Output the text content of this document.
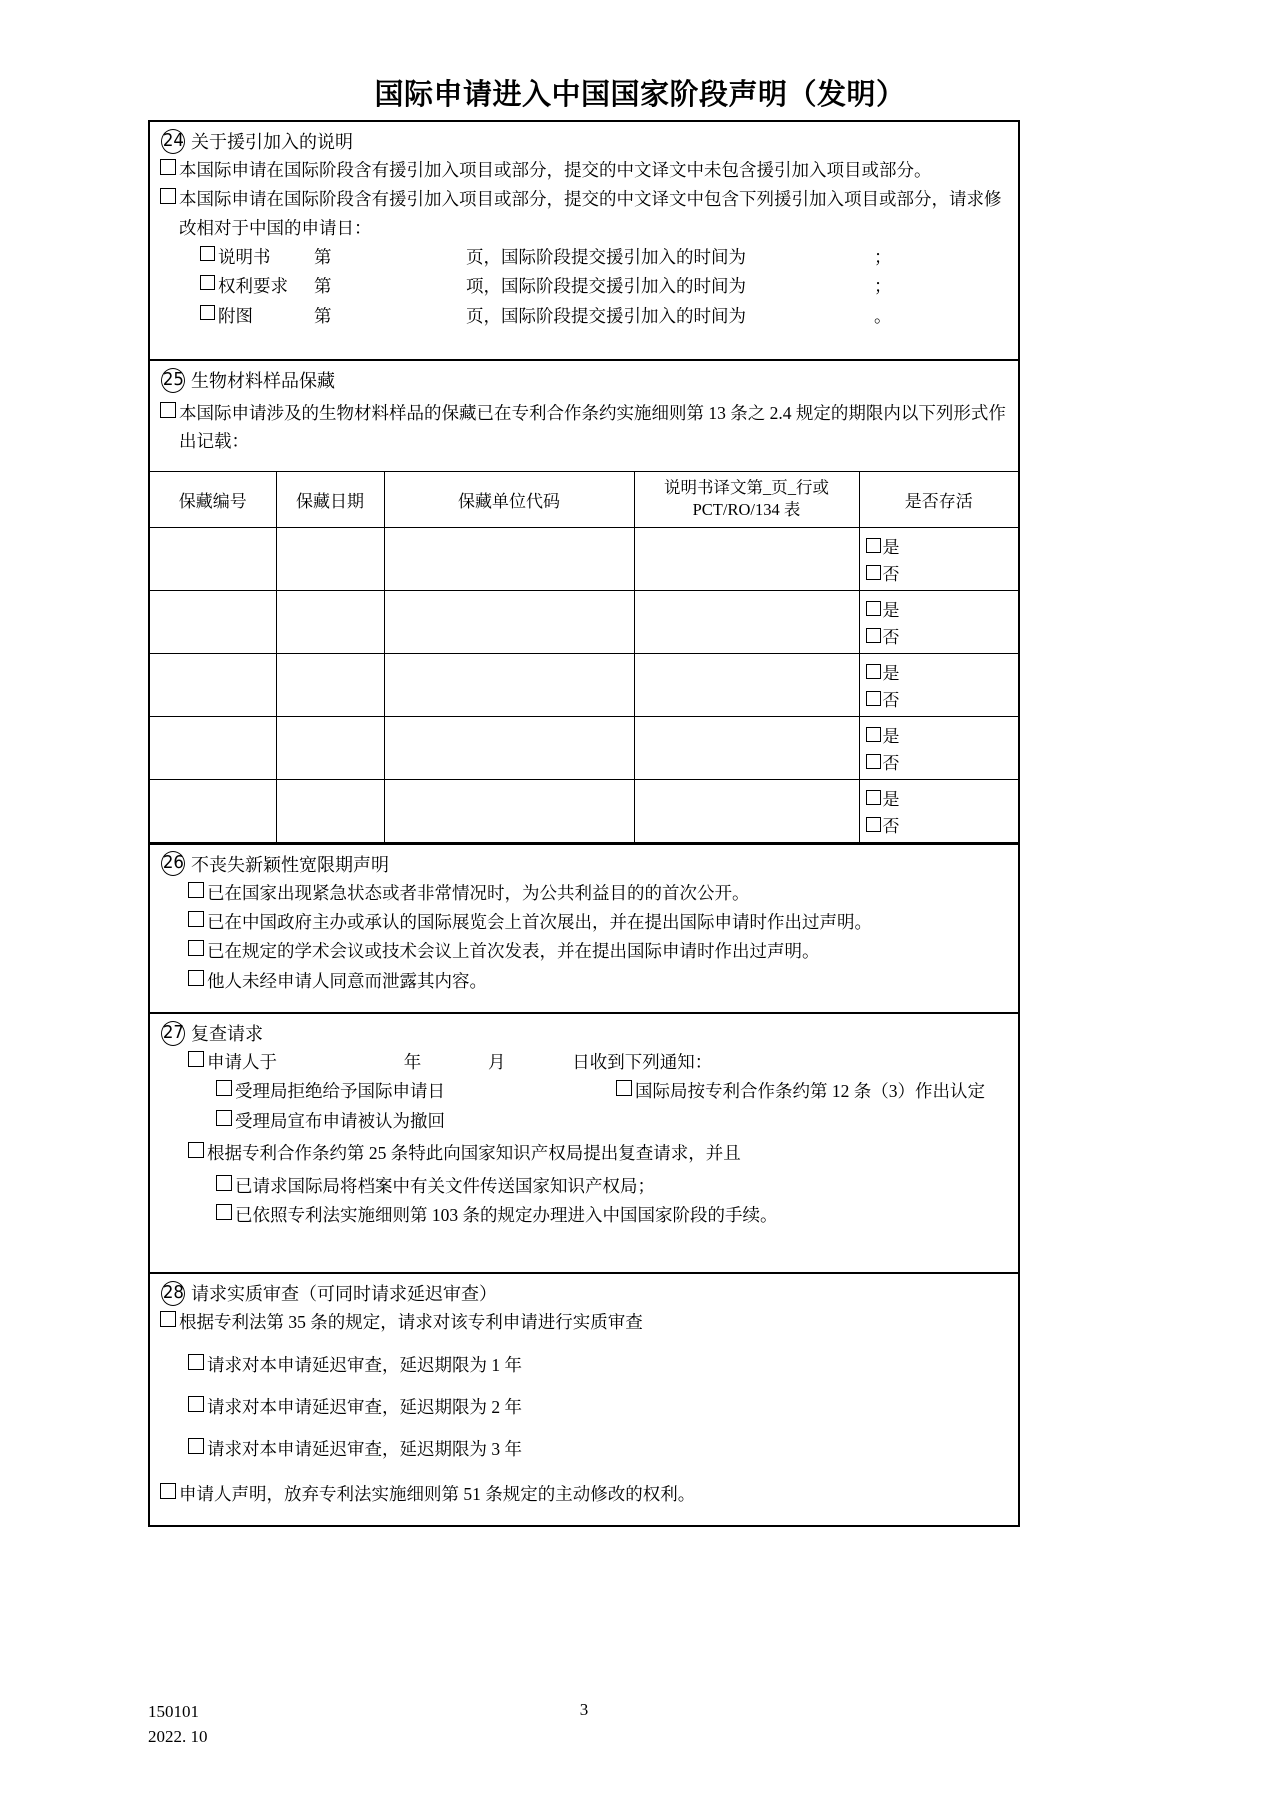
国际申请进入中国国家阶段声明（发明）
24 关于援引加入的说明
本国际申请在国际阶段含有援引加入项目或部分，提交的中文译文中未包含援引加入项目或部分。
本国际申请在国际阶段含有援引加入项目或部分，提交的中文译文中包含下列援引加入项目或部分，请求修改相对于中国的申请日：
说明书	第	页，国际阶段提交援引加入的时间为	；
权利要求	第	项，国际阶段提交援引加入的时间为	；
附图	第	页，国际阶段提交援引加入的时间为	。
25 生物材料样品保藏
本国际申请涉及的生物材料样品的保藏已在专利合作条约实施细则第 13 条之 2.4 规定的期限内以下列形式作出记载：
保藏编号	保藏日期	保藏单位代码	说明书译文第_页_行或
PCT/RO/134 表	是否存活

				是
否

				是
否

				是
否

				是
否

				是
否
26 不丧失新颖性宽限期声明
已在国家出现紧急状态或者非常情况时，为公共利益目的的首次公开。
已在中国政府主办或承认的国际展览会上首次展出，并在提出国际申请时作出过声明。
已在规定的学术会议或技术会议上首次发表，并在提出国际申请时作出过声明。
他人未经申请人同意而泄露其内容。
27 复查请求
申请人于	年	月	日收到下列通知：
受理局拒绝给予国际申请日	国际局按专利合作条约第 12 条（3）作出认定
受理局宣布申请被认为撤回
根据专利合作条约第 25 条特此向国家知识产权局提出复查请求，并且
已请求国际局将档案中有关文件传送国家知识产权局；
已依照专利法实施细则第 103 条的规定办理进入中国国家阶段的手续。
28 请求实质审查（可同时请求延迟审查）
根据专利法第 35 条的规定，请求对该专利申请进行实质审查
请求对本申请延迟审查，延迟期限为 1 年
请求对本申请延迟审查，延迟期限为 2 年
请求对本申请延迟审查，延迟期限为 3 年
申请人声明，放弃专利法实施细则第 51 条规定的主动修改的权利。
150101
2022. 10
3
